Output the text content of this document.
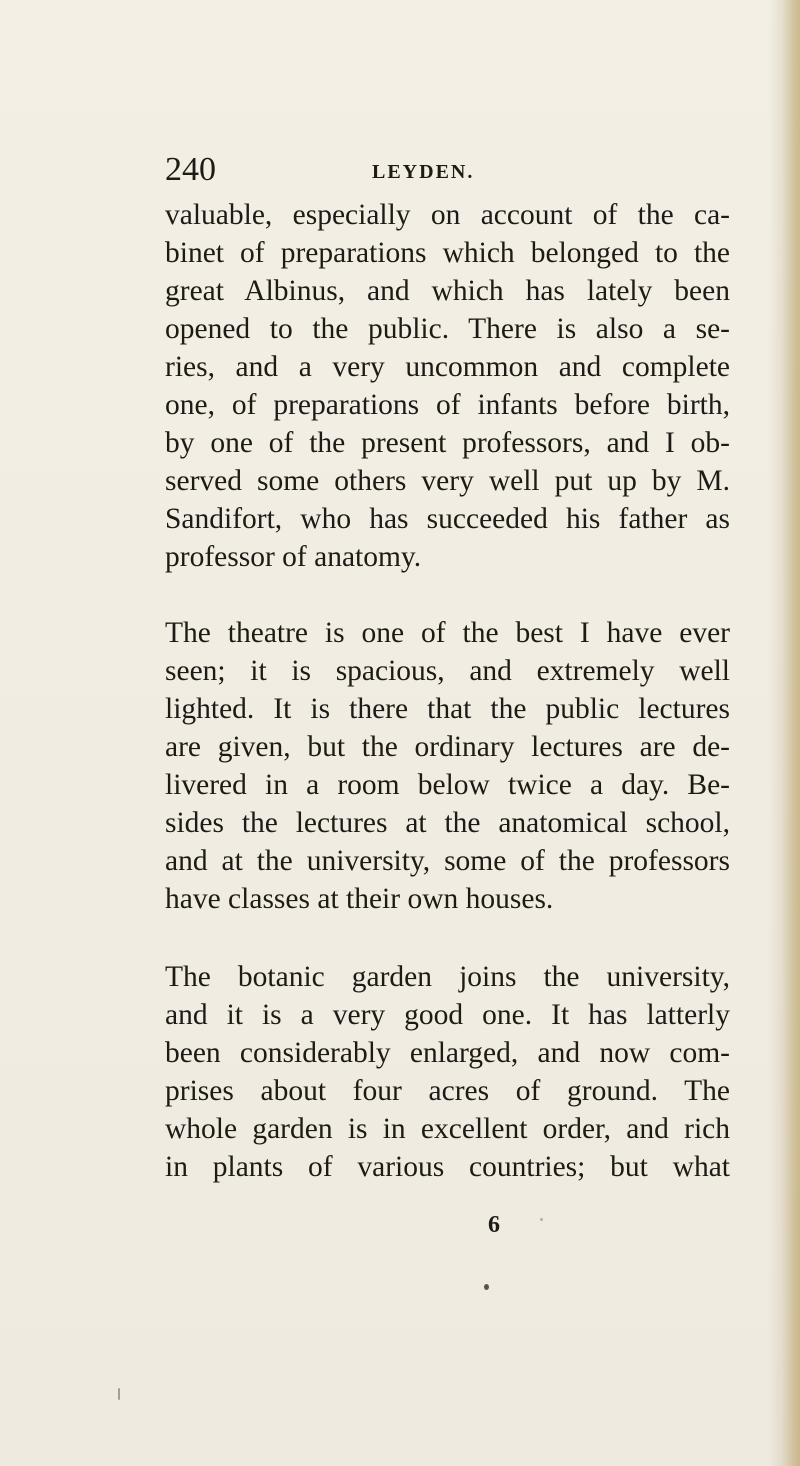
240	LEYDEN.

valuable, especially on account of the ca-
binet of preparations which belonged to the
great Albinus, and which has lately been
opened to the public. There is also a se-
ries, and a very uncommon and complete
one, of preparations of infants before birth,
by one of the present professors, and I ob-
served some others very well put up by M.
Sandifort, who has succeeded his father as
professor of anatomy.

The theatre is one of the best I have ever
seen; it is spacious, and extremely well
lighted. It is there that the public lectures
are given, but the ordinary lectures are de-
livered in a room below twice a day. Be-
sides the lectures at the anatomical school,
and at the university, some of the professors
have classes at their own houses.

The botanic garden joins the university,
and it is a very good one. It has latterly
been considerably enlarged, and now com-
prises about four acres of ground. The
whole garden is in excellent order, and rich
in plants of various countries; but what

6
